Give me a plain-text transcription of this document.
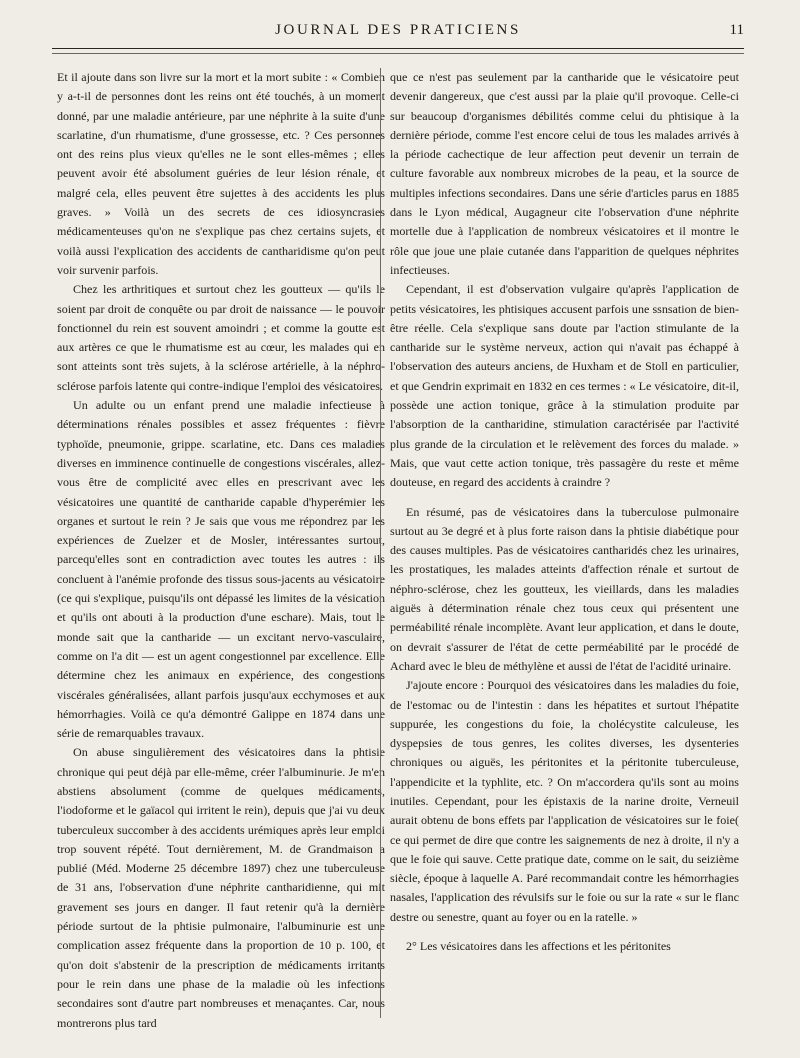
JOURNAL DES PRATICIENS	11

Et il ajoute dans son livre sur la mort et la mort subite : « Combien y a-t-il de personnes dont les reins ont été touchés, à un moment donné, par une maladie antérieure, par une néphrite à la suite d'une scarlatine, d'un rhumatisme, d'une grossesse, etc. ? Ces personnes ont des reins plus vieux qu'elles ne le sont elles-mêmes ; elles peuvent avoir été absolument guéries de leur lésion rénale, et malgré cela, elles peuvent être sujettes à des accidents les plus graves. » Voilà un des secrets de ces idiosyncrasies médicamenteuses qu'on ne s'explique pas chez certains sujets, et voilà aussi l'explication des accidents de cantharidisme qu'on peut voir survenir parfois.

Chez les arthritiques et surtout chez les goutteux — qu'ils le soient par droit de conquête ou par droit de naissance — le pouvoir fonctionnel du rein est souvent amoindri ; et comme la goutte est aux artères ce que le rhumatisme est au cœur, les malades qui en sont atteints sont très sujets, à la sclérose artérielle, à la néphro-sclérose parfois latente qui contre-indique l'emploi des vésicatoires.

Un adulte ou un enfant prend une maladie infectieuse à déterminations rénales possibles et assez fréquentes : fièvre typhoïde, pneumonie, grippe. scarlatine, etc. Dans ces maladies diverses en imminence continuelle de congestions viscérales, allez-vous être de complicité avec elles en prescrivant avec les vésicatoires une quantité de cantharide capable d'hyperémier les organes et surtout le rein ? Je sais que vous me répondrez par les expériences de Zuelzer et de Mosler, intéressantes surtout, parcequ'elles sont en contradiction avec toutes les autres : ils concluent à l'anémie profonde des tissus sous-jacents au vésicatoire (ce qui s'explique, puisqu'ils ont dépassé les limites de la vésication et qu'ils ont abouti à la production d'une eschare). Mais, tout le monde sait que la cantharide — un excitant nervo-vasculaire, comme on l'a dit — est un agent congestionnel par excellence. Elle détermine chez les animaux en expérience, des congestions viscérales généralisées, allant parfois jusqu'aux ecchymoses et aux hémorrhagies. Voilà ce qu'a démontré Galippe en 1874 dans une série de remarquables travaux.

On abuse singulièrement des vésicatoires dans la phtisie chronique qui peut déjà par elle-même, créer l'albuminurie. Je m'en abstiens absolument (comme de quelques médicaments, l'iodoforme et le gaïacol qui irritent le rein), depuis que j'ai vu deux tuberculeux succomber à des accidents urémiques après leur emploi trop souvent répété. Tout dernièrement, M. de Grandmaison a publié (Méd. Moderne 25 décembre 1897) chez une tuberculeuse de 31 ans, l'observation d'une néphrite cantharidienne, qui mit gravement ses jours en danger. Il faut retenir qu'à la dernière période surtout de la phtisie pulmonaire, l'albuminurie est une complication assez fréquente dans la proportion de 10 p. 100, et qu'on doit s'abstenir de la prescription de médicaments irritants pour le rein dans une phase de la maladie où les infections secondaires sont d'autre part nombreuses et menaçantes. Car, nous montrerons plus tard

que ce n'est pas seulement par la cantharide que le vésicatoire peut devenir dangereux, que c'est aussi par la plaie qu'il provoque. Celle-ci sur beaucoup d'organismes débilités comme celui du phtisique à la dernière période, comme l'est encore celui de tous les malades arrivés à la période cachectique de leur affection peut devenir un terrain de culture favorable aux nombreux microbes de la peau, et la source de multiples infections secondaires. Dans une série d'articles parus en 1885 dans le Lyon médical, Augagneur cite l'observation d'une néphrite mortelle due à l'application de nombreux vésicatoires et il montre le rôle que joue une plaie cutanée dans l'apparition de quelques néphrites infectieuses.

Cependant, il est d'observation vulgaire qu'après l'application de petits vésicatoires, les phtisiques accusent parfois une ssnsation de bien-être réelle. Cela s'explique sans doute par l'action stimulante de la cantharide sur le système nerveux, action qui n'avait pas échappé à l'observation des auteurs anciens, de Huxham et de Stoll en particulier, et que Gendrin exprimait en 1832 en ces termes : « Le vésicatoire, dit-il, possède une action tonique, grâce à la stimulation produite par l'absorption de la cantharidine, stimulation caractérisée par l'activité plus grande de la circulation et le relèvement des forces du malade. » Mais, que vaut cette action tonique, très passagère du reste et même douteuse, en regard des accidents à craindre ?

En résumé, pas de vésicatoires dans la tuberculose pulmonaire surtout au 3e degré et à plus forte raison dans la phtisie diabétique pour des causes multiples. Pas de vésicatoires cantharidés chez les urinaires, les prostatiques, les malades atteints d'affection rénale et surtout de néphro-sclérose, chez les goutteux, les vieillards, dans les maladies aiguës à détermination rénale chez tous ceux qui présentent une perméabilité rénale incomplète. Avant leur application, et dans le doute, on devrait s'assurer de l'état de cette perméabilité par le procédé de Achard avec le bleu de méthylène et aussi de l'état de l'acidité urinaire.

J'ajoute encore : Pourquoi des vésicatoires dans les maladies du foie, de l'estomac ou de l'intestin : dans les hépatites et surtout l'hépatite suppurée, les congestions du foie, la cholécystite calculeuse, les dyspepsies de tous genres, les colites diverses, les dysenteries chroniques ou aiguës, les péritonites et la péritonite tuberculeuse, l'appendicite et la typhlite, etc. ? On m'accordera qu'ils sont au moins inutiles. Cependant, pour les épistaxis de la narine droite, Verneuil aurait obtenu de bons effets par l'application de vésicatoires sur le foie( ce qui permet de dire que contre les saignements de nez à droite, il n'y a que le foie qui sauve. Cette pratique date, comme on le sait, du seizième siècle, époque à laquelle A. Paré recommandait contre les hémorrhagies nasales, l'application des révulsifs sur le foie ou sur la rate « sur le flanc destre ou senestre, quant au foyer ou en la ratelle. »

2° Les vésicatoires dans les affections et les péritonites
